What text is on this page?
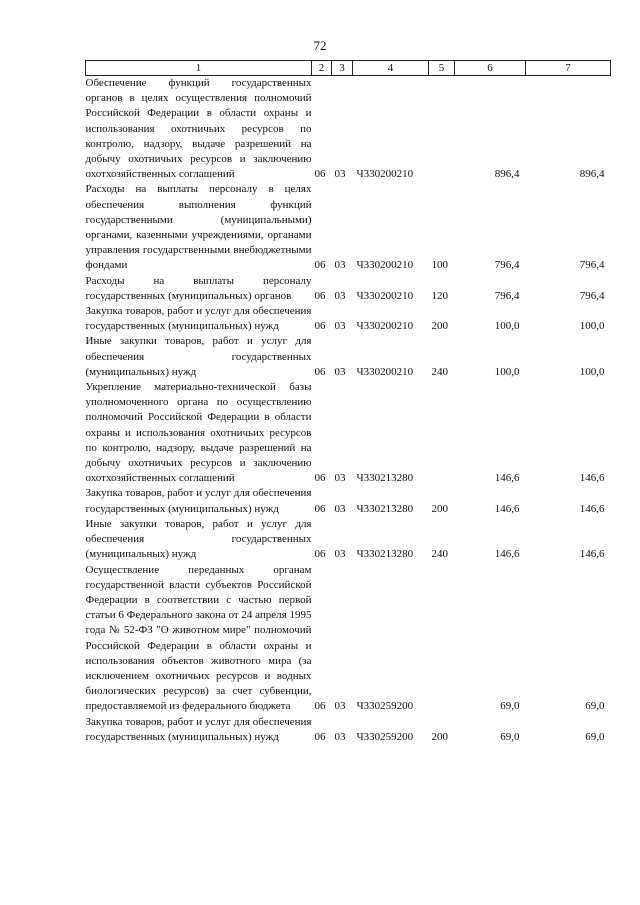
72
1	2	3	4	5	6	7
Обеспечение функций государственных органов в целях осуществления полномочий Российской Федерации в области охраны и использования охотничьих ресурсов по контролю, надзору, выдаче разрешений на добычу охотничьих ресурсов и заключению охотхозяйственных соглашений	06	03	Ч330200210		896,4	896,4
Расходы на выплаты персоналу в целях обеспечения выполнения функций государственными (муниципальными) органами, казенными учреждениями, органами управления государственными внебюджетными фондами	06	03	Ч330200210	100	796,4	796,4
Расходы на выплаты персоналу государственных (муниципальных) органов	06	03	Ч330200210	120	796,4	796,4
Закупка товаров, работ и услуг для обеспечения государственных (муниципальных) нужд	06	03	Ч330200210	200	100,0	100,0
Иные закупки товаров, работ и услуг для обеспечения государственных (муниципальных) нужд	06	03	Ч330200210	240	100,0	100,0
Укрепление материально-технической базы уполномоченного органа по осуществлению полномочий Российской Федерации в области охраны и использования охотничьих ресурсов по контролю, надзору, выдаче разрешений на добычу охотничьих ресурсов и заключению охотхозяйственных соглашений	06	03	Ч330213280		146,6	146,6
Закупка товаров, работ и услуг для обеспечения государственных (муниципальных) нужд	06	03	Ч330213280	200	146,6	146,6
Иные закупки товаров, работ и услуг для обеспечения государственных (муниципальных) нужд	06	03	Ч330213280	240	146,6	146,6
Осуществление переданных органам государственной власти субъектов Российской Федерации в соответствии с частью первой статьи 6 Федерального закона от 24 апреля 1995 года № 52-ФЗ "О животном мире" полномочий Российской Федерации в области охраны и использования объектов животного мира (за исключением охотничьих ресурсов и водных биологических ресурсов) за счет субвенции, предоставляемой из федерального бюджета	06	03	Ч330259200		69,0	69,0
Закупка товаров, работ и услуг для обеспечения государственных (муниципальных) нужд	06	03	Ч330259200	200	69,0	69,0
